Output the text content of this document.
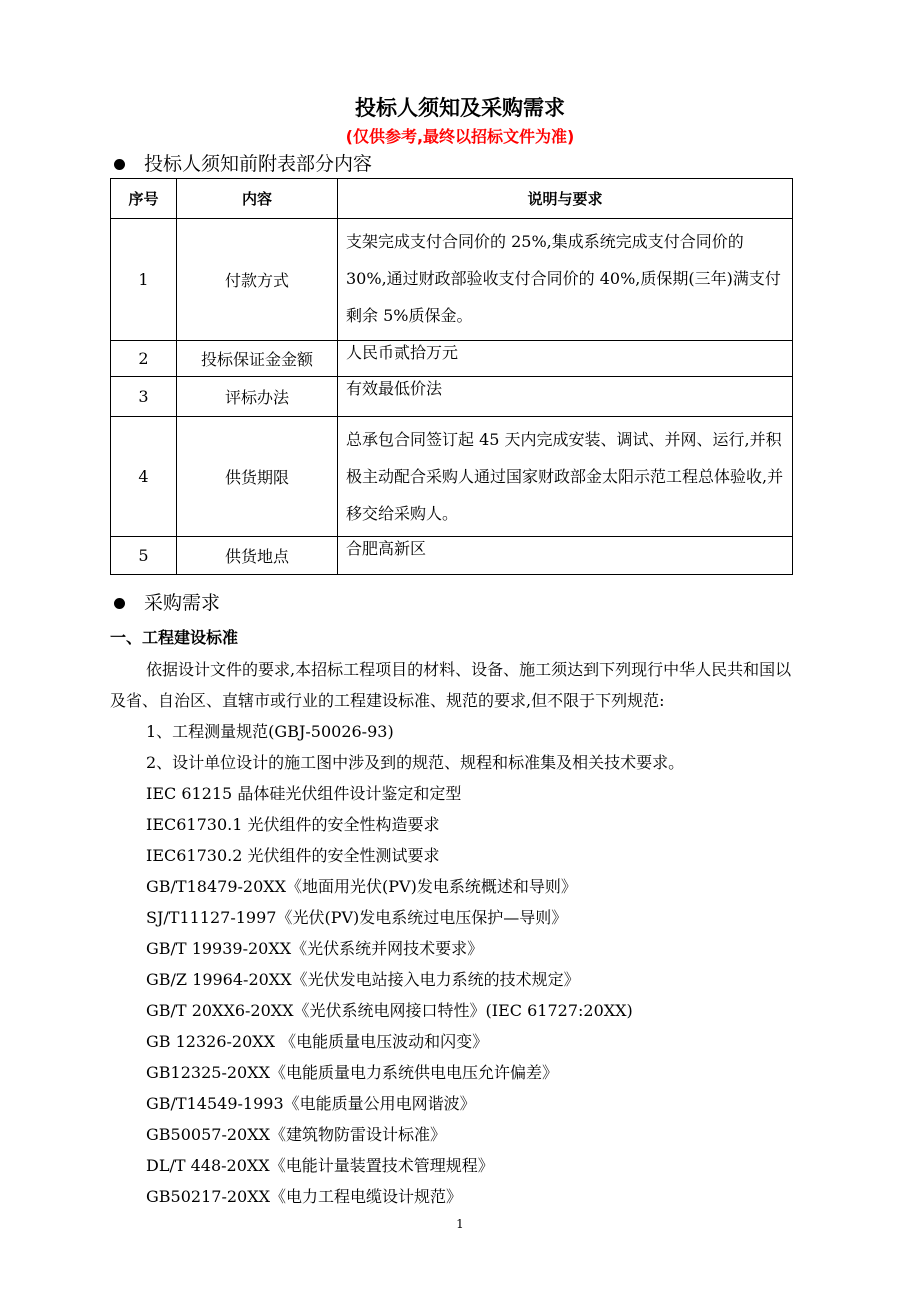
投标人须知及采购需求
(仅供参考,最终以招标文件为准)
投标人须知前附表部分内容
序号	内容	说明与要求
1	付款方式	支架完成支付合同价的 25%,集成系统完成支付合同价的 30%,通过财政部验收支付合同价的 40%,质保期(三年)满支付剩余 5%质保金。
2	投标保证金金额	人民币贰拾万元
3	评标办法	有效最低价法
4	供货期限	总承包合同签订起 45 天内完成安装、调试、并网、运行,并积极主动配合采购人通过国家财政部金太阳示范工程总体验收,并移交给采购人。
5	供货地点	合肥高新区
采购需求
一、工程建设标准
依据设计文件的要求,本招标工程项目的材料、设备、施工须达到下列现行中华人民共和国以及省、自治区、直辖市或行业的工程建设标准、规范的要求,但不限于下列规范:
1、工程测量规范(GBJ-50026-93)
2、设计单位设计的施工图中涉及到的规范、规程和标准集及相关技术要求。
IEC 61215 晶体硅光伏组件设计鉴定和定型
IEC61730.1 光伏组件的安全性构造要求
IEC61730.2 光伏组件的安全性测试要求
GB/T18479-20XX《地面用光伏(PV)发电系统概述和导则》
SJ/T11127-1997《光伏(PV)发电系统过电压保护—导则》
GB/T 19939-20XX《光伏系统并网技术要求》
GB/Z 19964-20XX《光伏发电站接入电力系统的技术规定》
GB/T 20XX6-20XX《光伏系统电网接口特性》(IEC 61727:20XX)
GB 12326-20XX 《电能质量电压波动和闪变》
GB12325-20XX《电能质量电力系统供电电压允许偏差》
GB/T14549-1993《电能质量公用电网谐波》
GB50057-20XX《建筑物防雷设计标准》
DL/T 448-20XX《电能计量装置技术管理规程》
GB50217-20XX《电力工程电缆设计规范》
1
